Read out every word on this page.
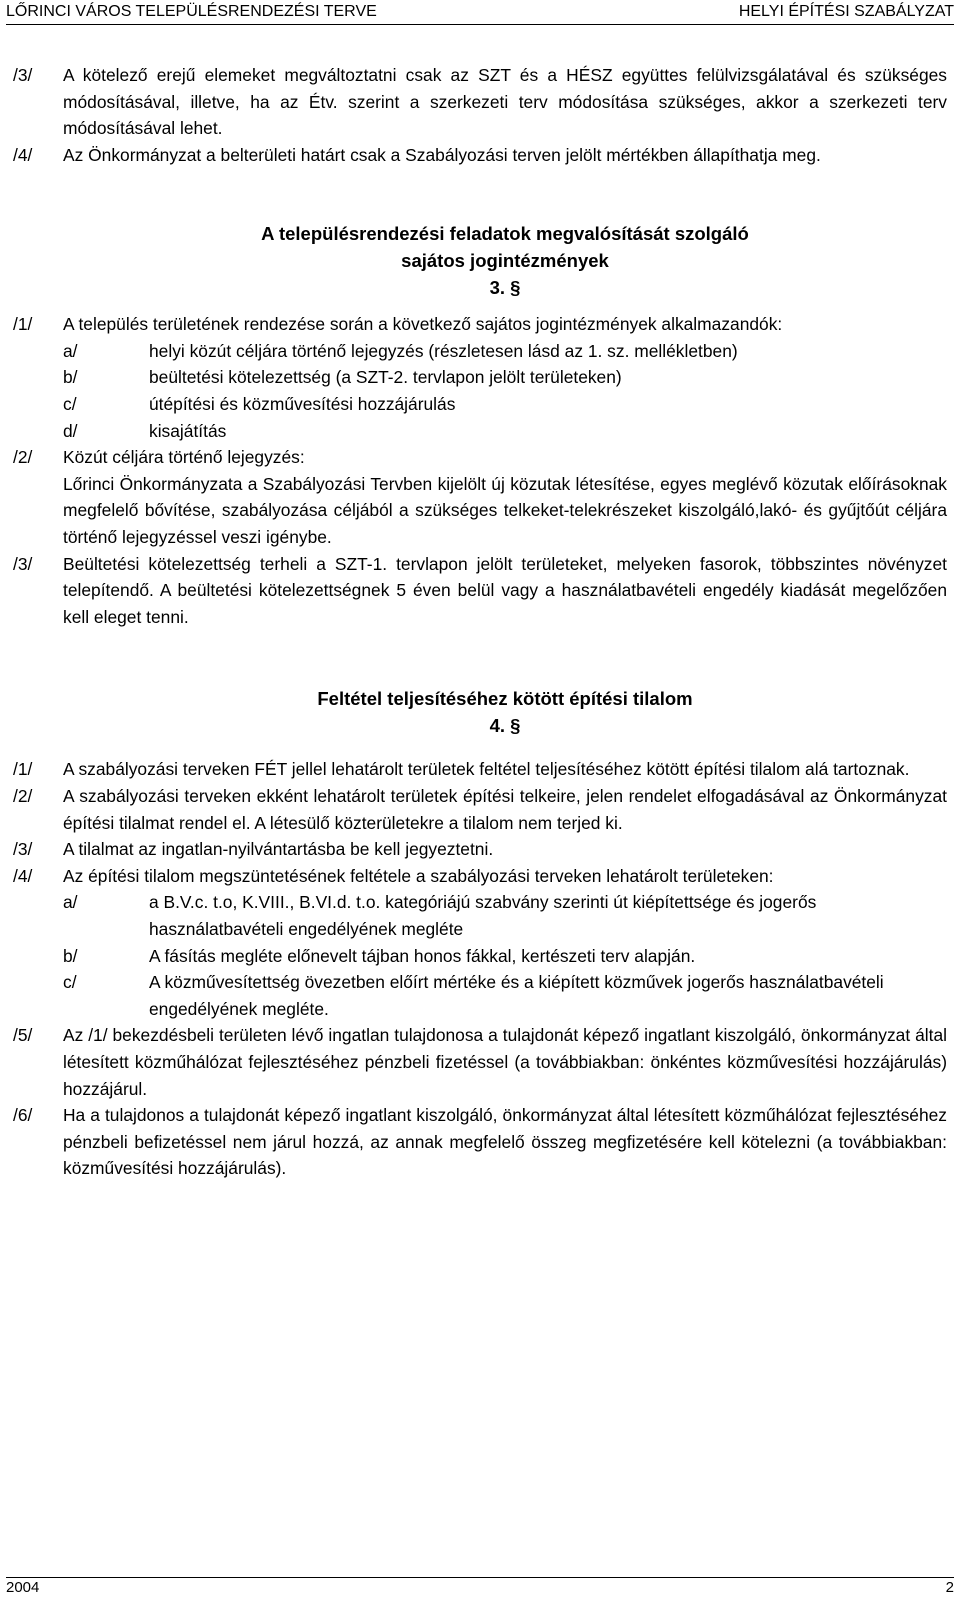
LŐRINCI VÁROS TELEPÜLÉSRENDEZÉSI TERVE	HELYI ÉPÍTÉSI SZABÁLYZAT
/3/	A kötelező erejű elemeket megváltoztatni csak az SZT és a HÉSZ együttes felülvizsgálatával és szükséges módosításával, illetve, ha az Étv. szerint a szerkezeti terv módosítása szükséges, akkor a szerkezeti terv módosításával lehet.
/4/	Az Önkormányzat a belterületi határt csak a Szabályozási terven jelölt mértékben állapíthatja meg.
A településrendezési feladatok megvalósítását szolgáló
sajátos jogintézmények
3. §
/1/	A település területének rendezése során a következő sajátos jogintézmények alkalmazandók:
a/	helyi közút céljára történő lejegyzés (részletesen lásd az 1. sz. mellékletben)
b/	beültetési kötelezettség (a SZT-2. tervlapon jelölt területeken)
c/	útépítési és közművesítési hozzájárulás
d/	kisajátítás
/2/	Közút céljára történő lejegyzés:
Lőrinci Önkormányzata a Szabályozási Tervben kijelölt új közutak létesítése, egyes meglévő közutak előírásoknak megfelelő bővítése, szabályozása céljából a szükséges telkeket-telekrészeket kiszolgáló,lakó- és gyűjtőút céljára történő lejegyzéssel veszi igénybe.
/3/	Beültetési kötelezettség terheli a SZT-1. tervlapon jelölt területeket, melyeken fasorok, többszintes növényzet telepítendő. A beültetési kötelezettségnek 5 éven belül vagy a használatbavételi engedély kiadását megelőzően kell eleget tenni.
Feltétel teljesítéséhez kötött építési tilalom
4. §
/1/	A szabályozási terveken FÉT jellel lehatárolt területek feltétel teljesítéséhez kötött építési tilalom alá tartoznak.
/2/	A szabályozási terveken ekként lehatárolt területek építési telkeire, jelen rendelet elfogadásával az Önkormányzat építési tilalmat rendel el. A létesülő közterületekre a tilalom nem terjed ki.
/3/	A tilalmat az ingatlan-nyilvántartásba be kell jegyeztetni.
/4/	Az építési tilalom megszüntetésének feltétele a szabályozási terveken lehatárolt területeken:
a/	a B.V.c. t.o, K.VIII., B.VI.d. t.o. kategóriájú szabvány szerinti út kiépítettsége és jogerős használatbavételi engedélyének megléte
b/	A fásítás megléte előnevelt tájban honos fákkal, kertészeti terv alapján.
c/	A közművesítettség övezetben előírt mértéke és a kiépített közművek jogerős használatbavételi engedélyének megléte.
/5/	Az /1/ bekezdésbeli területen lévő ingatlan tulajdonosa a tulajdonát képező ingatlant kiszolgáló, önkormányzat által létesített közműhálózat fejlesztéséhez pénzbeli fizetéssel (a továbbiakban: önkéntes közművesítési hozzájárulás) hozzájárul.
/6/	Ha a tulajdonos a tulajdonát képező ingatlant kiszolgáló, önkormányzat által létesített közműhálózat fejlesztéséhez pénzbeli befizetéssel nem járul hozzá, az annak megfelelő összeg megfizetésére kell kötelezni (a továbbiakban: közművesítési hozzájárulás).
2004	2
